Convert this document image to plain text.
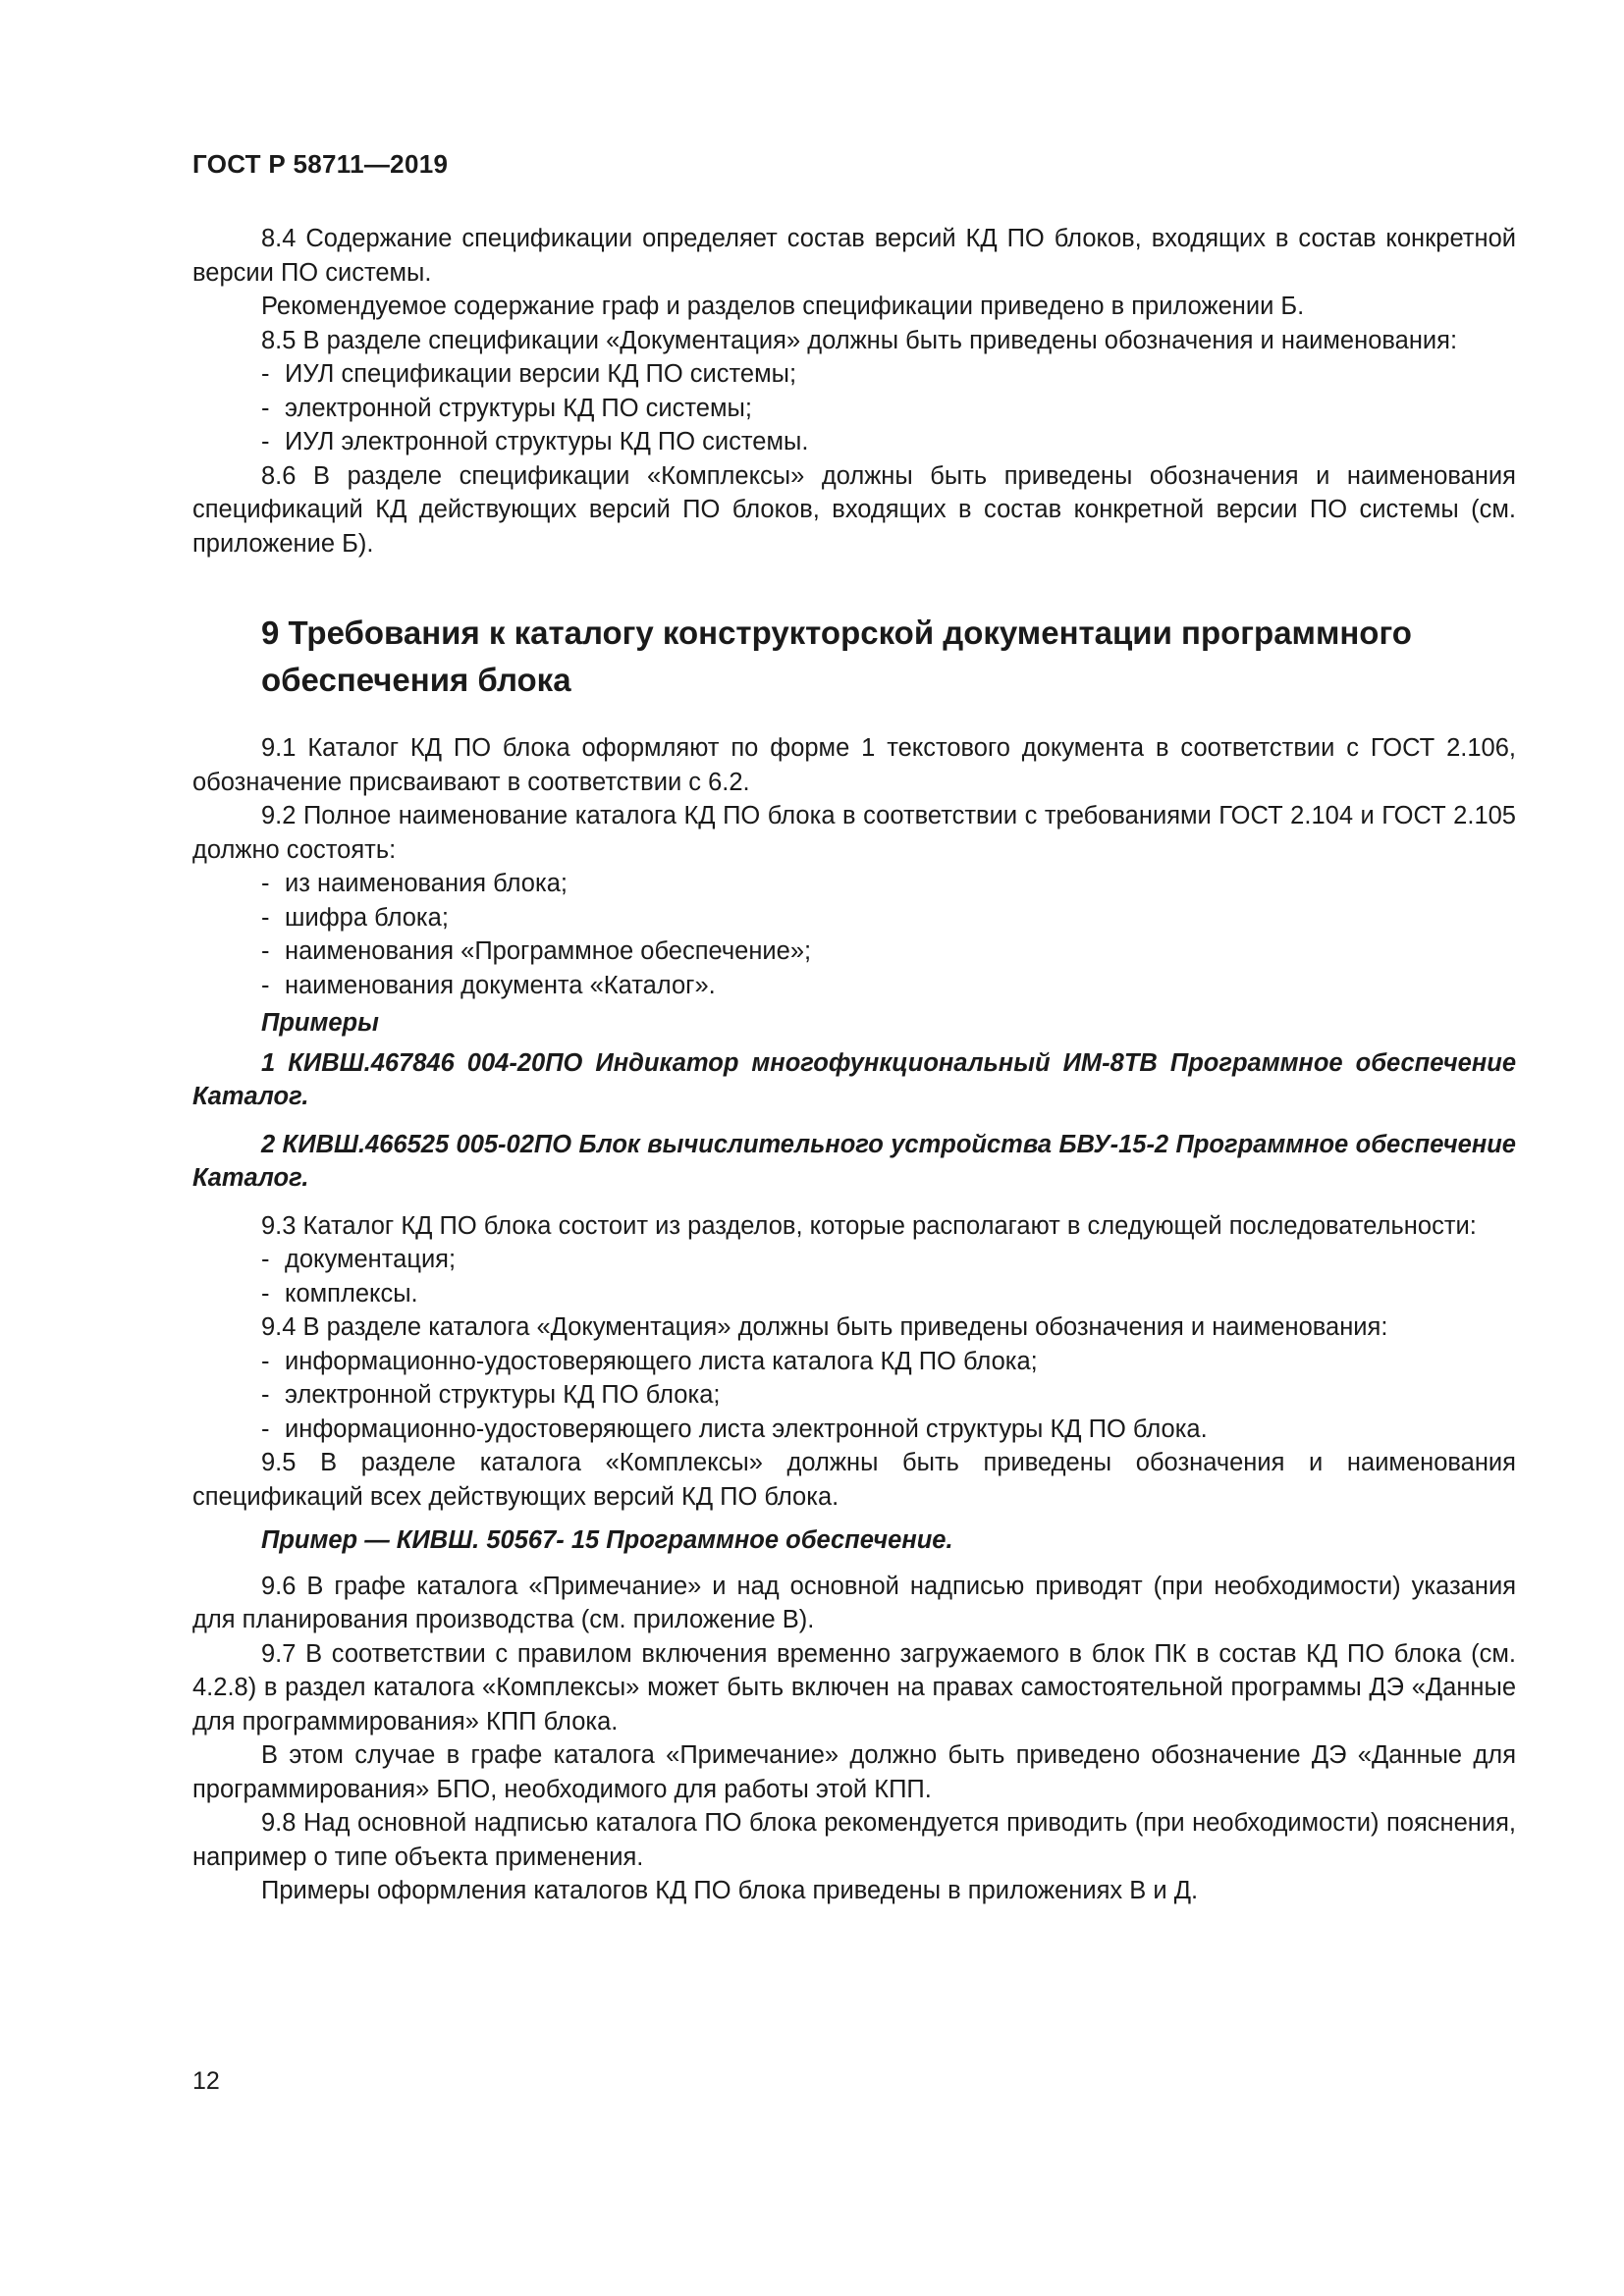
ГОСТ Р 58711—2019

8.4 Содержание спецификации определяет состав версий КД ПО блоков, входящих в состав конкретной версии ПО системы.

Рекомендуемое содержание граф и разделов спецификации приведено в приложении Б.

8.5 В разделе спецификации «Документация» должны быть приведены обозначения и наименования:

- ИУЛ спецификации версии КД ПО системы;

- электронной структуры КД ПО системы;

- ИУЛ электронной структуры КД ПО системы.

8.6 В разделе спецификации «Комплексы» должны быть приведены обозначения и наименования спецификаций КД действующих версий ПО блоков, входящих в состав конкретной версии ПО системы (см. приложение Б).

9 Требования к каталогу конструкторской документации программного обеспечения блока

9.1 Каталог КД ПО блока оформляют по форме 1 текстового документа в соответствии с ГОСТ 2.106, обозначение присваивают в соответствии с 6.2.

9.2 Полное наименование каталога КД ПО блока в соответствии с требованиями ГОСТ 2.104 и ГОСТ 2.105 должно состоять:

- из наименования блока;

- шифра блока;

- наименования «Программное обеспечение»;

- наименования документа «Каталог».

Примеры

1 КИВШ.467846 004-20ПО Индикатор многофункциональный ИМ-8ТВ Программное обеспечение Каталог.

2 КИВШ.466525 005-02ПО Блок вычислительного устройства БВУ-15-2 Программное обеспечение Каталог.

9.3 Каталог КД ПО блока состоит из разделов, которые располагают в следующей последовательности:

- документация;

- комплексы.

9.4 В разделе каталога «Документация» должны быть приведены обозначения и наименования:

- информационно-удостоверяющего листа каталога КД ПО блока;

- электронной структуры КД ПО блока;

- информационно-удостоверяющего листа электронной структуры КД ПО блока.

9.5 В разделе каталога «Комплексы» должны быть приведены обозначения и наименования спецификаций всех действующих версий КД ПО блока.

Пример — КИВШ. 50567- 15 Программное обеспечение.

9.6 В графе каталога «Примечание» и над основной надписью приводят (при необходимости) указания для планирования производства (см. приложение В).

9.7 В соответствии с правилом включения временно загружаемого в блок ПК в состав КД ПО блока (см. 4.2.8) в раздел каталога «Комплексы» может быть включен на правах самостоятельной программы ДЭ «Данные для программирования» КПП блока.

В этом случае в графе каталога «Примечание» должно быть приведено обозначение ДЭ «Данные для программирования» БПО, необходимого для работы этой КПП.

9.8 Над основной надписью каталога ПО блока рекомендуется приводить (при необходимости) пояснения, например о типе объекта применения.

Примеры оформления каталогов КД ПО блока приведены в приложениях В и Д.

12
